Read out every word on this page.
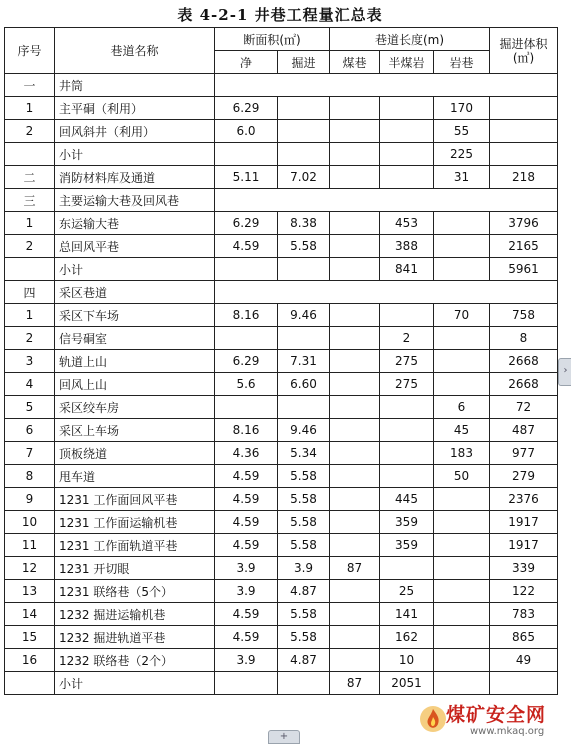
表 4-2-1 井巷工程量汇总表
序号	巷道名称	断面积(㎡)		巷道长度(m)			掘进体积(㎥)
		净	掘进	煤巷	半煤岩	岩巷	
一	井筒						
1	主平硐（利用）	6.29				170	
2	回风斜井（利用）	6.0				55	
	小计					225	
二	消防材料库及通道	5.11	7.02			31	218
三	主要运输大巷及回风巷						
1	东运输大巷	6.29	8.38		453		3796
2	总回风平巷	4.59	5.58		388		2165
	小计				841		5961
四	采区巷道						
1	采区下车场	8.16	9.46			70	758
2	信号硐室				2		8
3	轨道上山	6.29	7.31		275		2668
4	回风上山	5.6	6.60		275		2668
5	采区绞车房					6	72
6	采区上车场	8.16	9.46			45	487
7	顶板绕道	4.36	5.34			183	977
8	甩车道	4.59	5.58			50	279
9	1231 工作面回风平巷	4.59	5.58		445		2376
10	1231 工作面运输机巷	4.59	5.58		359		1917
11	1231 工作面轨道平巷	4.59	5.58		359		1917
12	1231 开切眼	3.9	3.9	87			339
13	1231 联络巷（5个）	3.9	4.87		25		122
14	1232 掘进运输机巷	4.59	5.58		141		783
15	1232 掘进轨道平巷	4.59	5.58		162		865
16	1232 联络巷（2个）	3.9	4.87		10		49
	小计			87	2051		
›
+
煤矿安全网
www.mkaq.org
